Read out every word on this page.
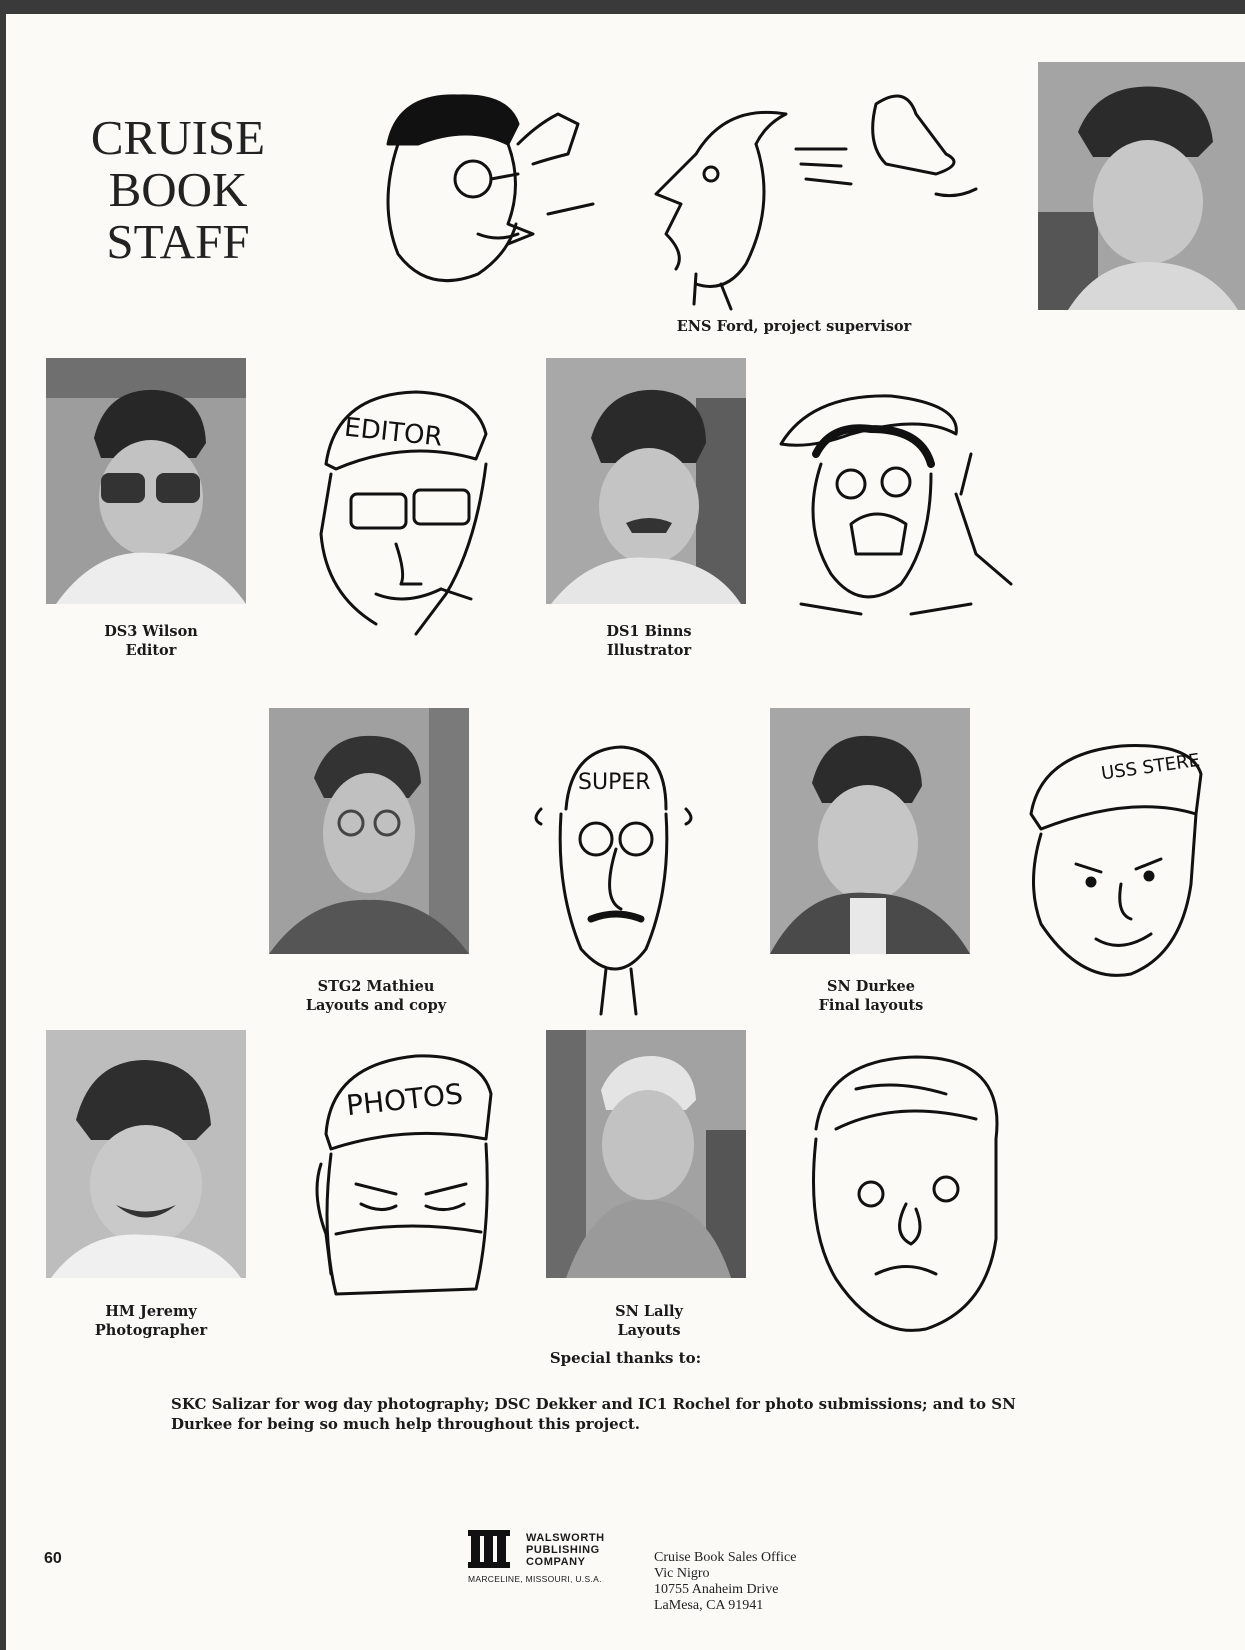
CRUISE
BOOK
STAFF
ENS Ford, project supervisor
EDITOR
DS3 Wilson
Editor
DS1 Binns
Illustrator
SUPER	USS STERE
STG2 Mathieu
Layouts and copy
SN Durkee
Final layouts
PHOTOS
HM Jeremy
Photographer
SN Lally
Layouts
Special thanks to:
SKC Salizar for wog day photography; DSC Dekker and IC1 Rochel for photo submissions; and to SN Durkee for being so much help throughout this project.
60
WALSWORTH
PUBLISHING
COMPANY
MARCELINE, MISSOURI, U.S.A.
Cruise Book Sales Office
Vic Nigro
10755 Anaheim Drive
LaMesa, CA 91941
